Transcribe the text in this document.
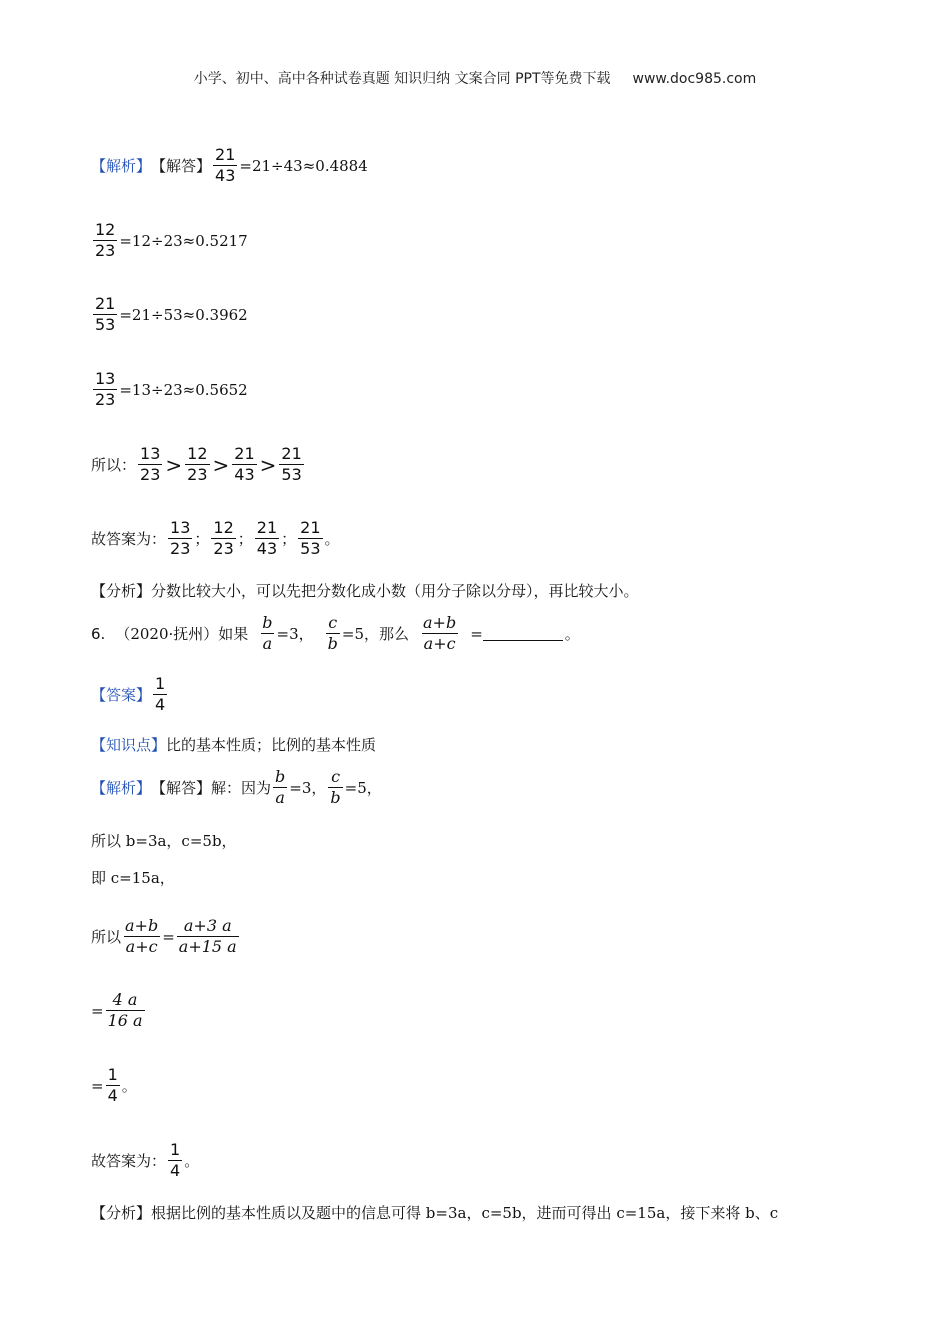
小学、初中、高中各种试卷真题 知识归纳 文案合同 PPT等免费下载 www.doc985.com
【解析】 【解答】 $\frac{21}{43} =21\div 43\approx 0.4884$
$\frac{12}{23} =12\div 23\approx 0.5217$
$\frac{21}{53} =21\div 53\approx 0.3962$
$\frac{13}{23} =13\div 23\approx 0.5652$
所以： $\frac{13}{23} > \frac{12}{23} > \frac{21}{43} > \frac{21}{53}$
故答案为： $\frac{13}{23}$ ； $\frac{12}{23}$ ； $\frac{21}{43}$ ； $\frac{21}{53}$ 。
【分析】分数比较大小，可以先把分数化成小数（用分子除以分母），再比较大小。
6. （2020·抚州）如果 $\frac{b}{a} =3$， $\frac{c}{b} =5$，那么 $\frac{a+b}{a+c}$ =	。
【答案】 $\frac{1}{4}$
【知识点】比的基本性质；比例的基本性质
【解析】 【解答】 解：因为 $\frac{b}{a} =3$， $\frac{c}{b} =5$，
所以 b=3a，c=5b，
即 c=15a，
所以 $\frac{a+b}{a+c} = \frac{a+3 a}{a+15 a}$
= $\frac{4 a}{16 a}$
= $\frac{1}{4}$ 。
故答案为： $\frac{1}{4}$ 。
【分析】根据比例的基本性质以及题中的信息可得 b=3a，c=5b，进而可得出 c=15a，接下来将 b、c
